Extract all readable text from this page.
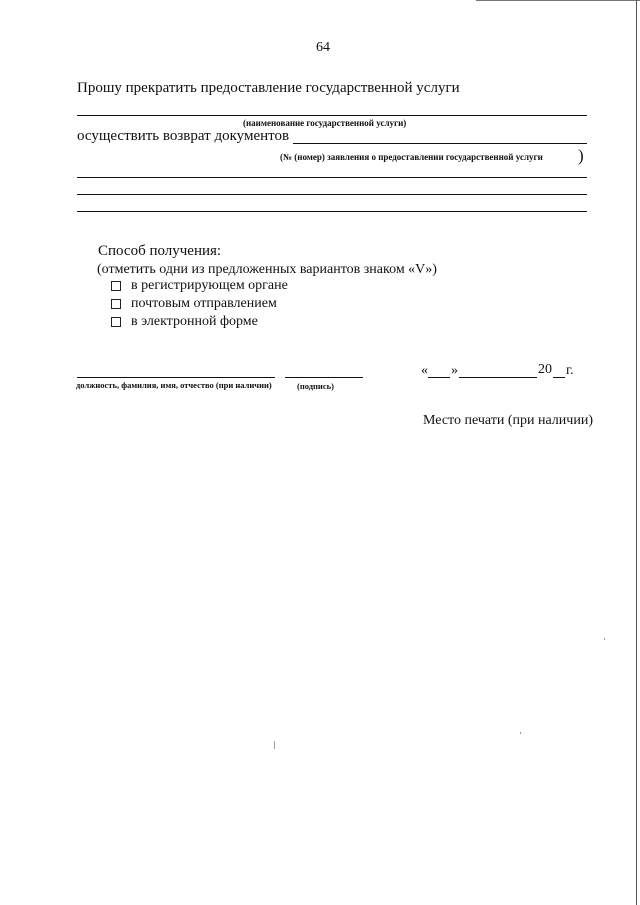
64
Прошу прекратить предоставление государственной услуги
(наименование государственной услуги)
осуществить возврат документов
(№ (номер) заявления о предоставлении государственной услуги )
Способ получения:
(отметить одни из предложенных вариантов знаком «V»)
в регистрирующем органе
почтовым отправлением
в электронной форме
должность, фамилия, имя, отчество (при наличии)	(подпись)
« »	20 г.
Место печати (при наличии)
